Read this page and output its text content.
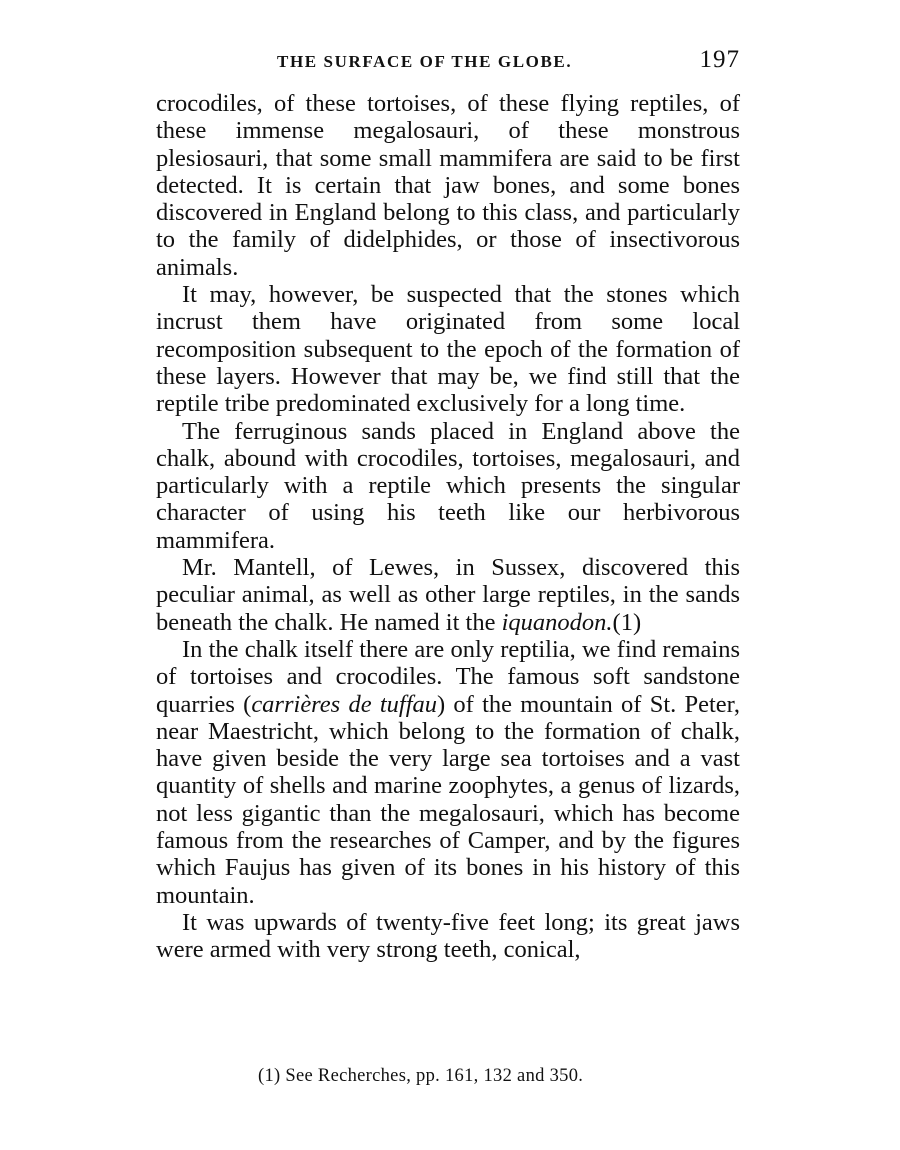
THE SURFACE OF THE GLOBE.	197

crocodiles, of these tortoises, of these flying reptiles, of these immense megalosauri, of these monstrous plesiosauri, that some small mammifera are said to be first detected. It is certain that jaw bones, and some bones discovered in England belong to this class, and particularly to the family of didelphides, or those of insectivorous animals.

It may, however, be suspected that the stones which incrust them have originated from some local recomposition subsequent to the epoch of the formation of these layers. However that may be, we find still that the reptile tribe predominated exclusively for a long time.

The ferruginous sands placed in England above the chalk, abound with crocodiles, tortoises, megalosauri, and particularly with a reptile which presents the singular character of using his teeth like our herbivorous mammifera.

Mr. Mantell, of Lewes, in Sussex, discovered this peculiar animal, as well as other large reptiles, in the sands beneath the chalk. He named it the iquanodon.(1)

In the chalk itself there are only reptilia, we find remains of tortoises and crocodiles. The famous soft sandstone quarries (carrières de tuffau) of the mountain of St. Peter, near Maestricht, which belong to the formation of chalk, have given beside the very large sea tortoises and a vast quantity of shells and marine zoophytes, a genus of lizards, not less gigantic than the megalosauri, which has become famous from the researches of Camper, and by the figures which Faujus has given of its bones in his history of this mountain.

It was upwards of twenty-five feet long; its great jaws were armed with very strong teeth, conical,

(1) See Recherches, pp. 161, 132 and 350.
